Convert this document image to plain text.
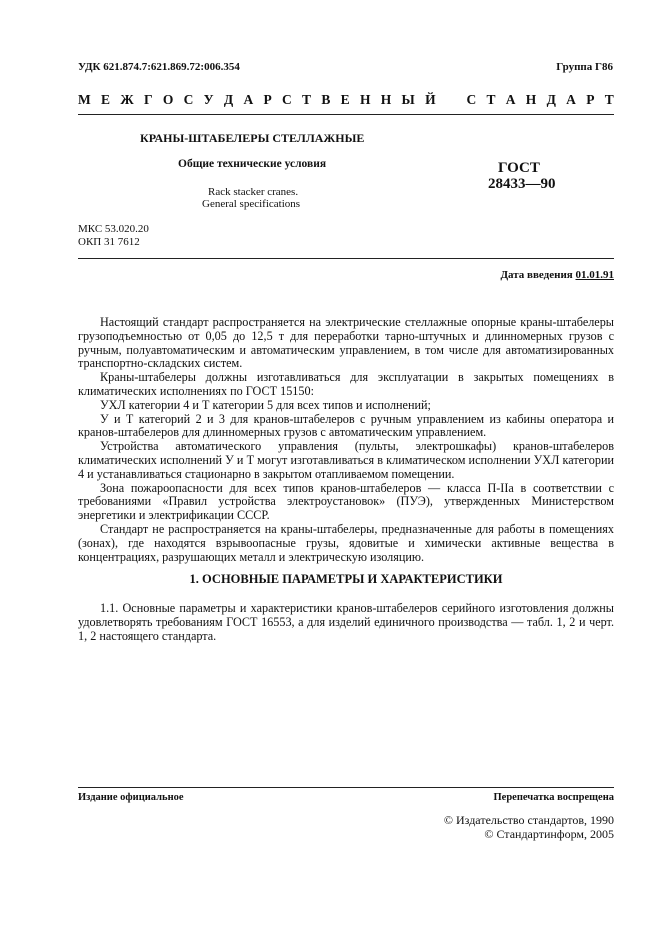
УДК 621.874.7:621.869.72:006.354	Группа Г86
М Е Ж Г О С У Д А Р С Т В Е Н Н Ы Й С Т А Н Д А Р Т
КРАНЫ-ШТАБЕЛЕРЫ СТЕЛЛАЖНЫЕ
Общие технические условия
Rack stacker cranes.
General specifications
ГОСТ
28433—90
МКС 53.020.20
ОКП 31 7612
Дата введения 01.01.91

Настоящий стандарт распространяется на электрические стеллажные опорные краны-штабелеры грузоподъемностью от 0,05 до 12,5 т для переработки тарно-штучных и длинномерных грузов с ручным, полуавтоматическим и автоматическим управлением, в том числе для автоматизированных транспортно-складских систем.

Краны-штабелеры должны изготавливаться для эксплуатации в закрытых помещениях в климатических исполнениях по ГОСТ 15150:

УХЛ категории 4 и Т категории 5 для всех типов и исполнений;

У и Т категорий 2 и 3 для кранов-штабелеров с ручным управлением из кабины оператора и кранов-штабелеров для длинномерных грузов с автоматическим управлением.

Устройства автоматического управления (пульты, электрошкафы) кранов-штабелеров климатических исполнений У и Т могут изготавливаться в климатическом исполнении УХЛ категории 4 и устанавливаться стационарно в закрытом отапливаемом помещении.

Зона пожароопасности для всех типов кранов-штабелеров — класса П-IIа в соответствии с требованиями «Правил устройства электроустановок» (ПУЭ), утвержденных Министерством энергетики и электрификации СССР.

Стандарт не распространяется на краны-штабелеры, предназначенные для работы в помещениях (зонах), где находятся взрывоопасные грузы, ядовитые и химически активные вещества в концентрациях, разрушающих металл и электрическую изоляцию.

1. ОСНОВНЫЕ ПАРАМЕТРЫ И ХАРАКТЕРИСТИКИ

1.1. Основные параметры и характеристики кранов-штабелеров серийного изготовления должны удовлетворять требованиям ГОСТ 16553, а для изделий единичного производства — табл. 1, 2 и черт. 1, 2 настоящего стандарта.

Издание официальное	Перепечатка воспрещена
© Издательство стандартов, 1990
© Стандартинформ, 2005
